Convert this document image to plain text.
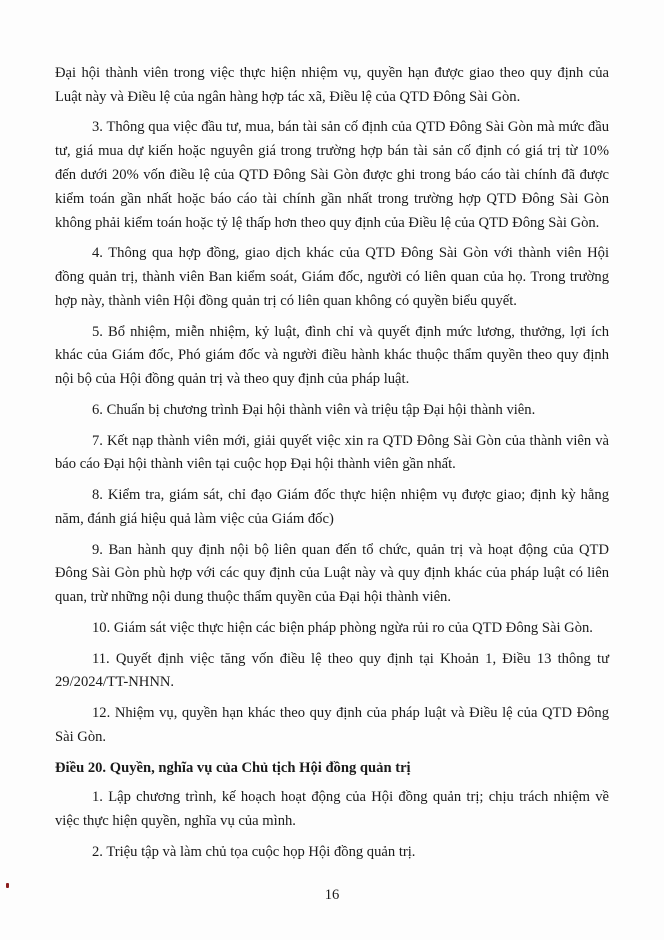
Đại hội thành viên trong việc thực hiện nhiệm vụ, quyền hạn được giao theo quy định của Luật này và Điều lệ của ngân hàng hợp tác xã, Điều lệ của QTD Đông Sài Gòn.

3. Thông qua việc đầu tư, mua, bán tài sản cố định của QTD Đông Sài Gòn mà mức đầu tư, giá mua dự kiến hoặc nguyên giá trong trường hợp bán tài sản cố định có giá trị từ 10% đến dưới 20% vốn điều lệ của QTD Đông Sài Gòn được ghi trong báo cáo tài chính đã được kiểm toán gần nhất hoặc báo cáo tài chính gần nhất trong trường hợp QTD Đông Sài Gòn không phải kiểm toán hoặc tỷ lệ thấp hơn theo quy định của Điều lệ của QTD Đông Sài Gòn.

4. Thông qua hợp đồng, giao dịch khác của QTD Đông Sài Gòn với thành viên Hội đồng quản trị, thành viên Ban kiểm soát, Giám đốc, người có liên quan của họ. Trong trường hợp này, thành viên Hội đồng quản trị có liên quan không có quyền biểu quyết.

5. Bổ nhiệm, miễn nhiệm, kỷ luật, đình chỉ và quyết định mức lương, thưởng, lợi ích khác của Giám đốc, Phó giám đốc và người điều hành khác thuộc thẩm quyền theo quy định nội bộ của Hội đồng quản trị và theo quy định của pháp luật.

6. Chuẩn bị chương trình Đại hội thành viên và triệu tập Đại hội thành viên.

7. Kết nạp thành viên mới, giải quyết việc xin ra QTD Đông Sài Gòn của thành viên và báo cáo Đại hội thành viên tại cuộc họp Đại hội thành viên gần nhất.

8. Kiểm tra, giám sát, chỉ đạo Giám đốc thực hiện nhiệm vụ được giao; định kỳ hằng năm, đánh giá hiệu quả làm việc của Giám đốc)

9. Ban hành quy định nội bộ liên quan đến tổ chức, quản trị và hoạt động của QTD Đông Sài Gòn phù hợp với các quy định của Luật này và quy định khác của pháp luật có liên quan, trừ những nội dung thuộc thẩm quyền của Đại hội thành viên.

10. Giám sát việc thực hiện các biện pháp phòng ngừa rủi ro của QTD Đông Sài Gòn.

11. Quyết định việc tăng vốn điều lệ theo quy định tại Khoản 1, Điều 13 thông tư 29/2024/TT-NHNN.

12. Nhiệm vụ, quyền hạn khác theo quy định của pháp luật và Điều lệ của QTD Đông Sài Gòn.

Điều 20. Quyền, nghĩa vụ của Chủ tịch Hội đồng quản trị

1. Lập chương trình, kế hoạch hoạt động của Hội đồng quản trị; chịu trách nhiệm về việc thực hiện quyền, nghĩa vụ của mình.

2. Triệu tập và làm chủ tọa cuộc họp Hội đồng quản trị.

16
